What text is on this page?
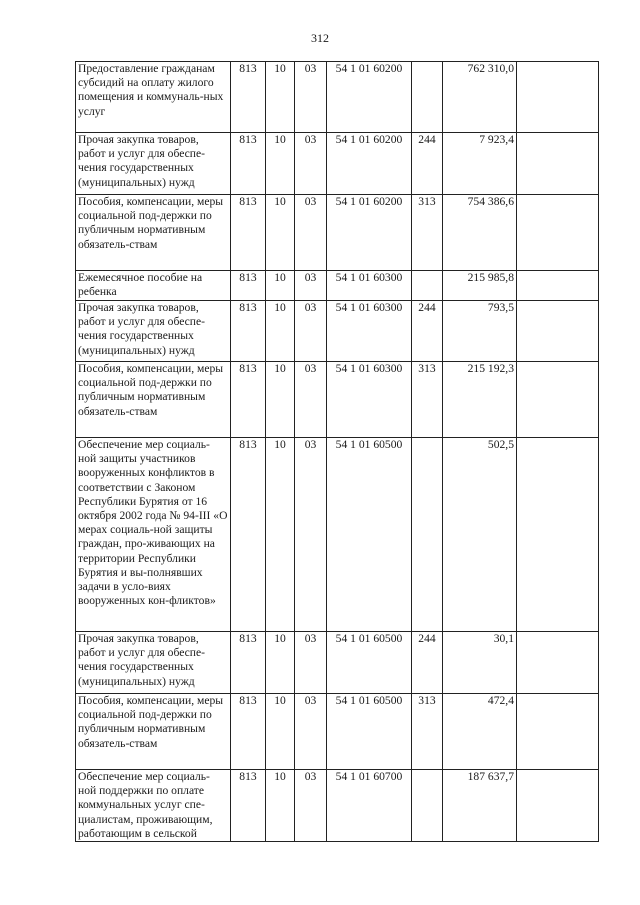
312
Предоставление гражданам субсидий на оплату жилого помещения и коммуналь-ных услуг	813	10	03	54 1 01 60200		762 310,0	
Прочая закупка товаров, работ и услуг для обеспе-чения государственных (муниципальных) нужд	813	10	03	54 1 01 60200	244	7 923,4	
Пособия, компенсации, меры социальной под-держки по публичным нормативным обязатель-ствам	813	10	03	54 1 01 60200	313	754 386,6	
Ежемесячное пособие на ребенка	813	10	03	54 1 01 60300		215 985,8	
Прочая закупка товаров, работ и услуг для обеспе-чения государственных (муниципальных) нужд	813	10	03	54 1 01 60300	244	793,5	
Пособия, компенсации, меры социальной под-держки по публичным нормативным обязатель-ствам	813	10	03	54 1 01 60300	313	215 192,3	
Обеспечение мер социаль-ной защиты участников вооруженных конфликтов в соответствии с Законом Республики Бурятия от 16 октября 2002 года № 94-III «О мерах социаль-ной защиты граждан, про-живающих на территории Республики Бурятия и вы-полнявших задачи в усло-виях вооруженных кон-фликтов»	813	10	03	54 1 01 60500		502,5	
Прочая закупка товаров, работ и услуг для обеспе-чения государственных (муниципальных) нужд	813	10	03	54 1 01 60500	244	30,1	
Пособия, компенсации, меры социальной под-держки по публичным нормативным обязатель-ствам	813	10	03	54 1 01 60500	313	472,4	
Обеспечение мер социаль-ной поддержки по оплате коммунальных услуг спе-циалистам, проживающим, работающим в сельской	813	10	03	54 1 01 60700		187 637,7	
